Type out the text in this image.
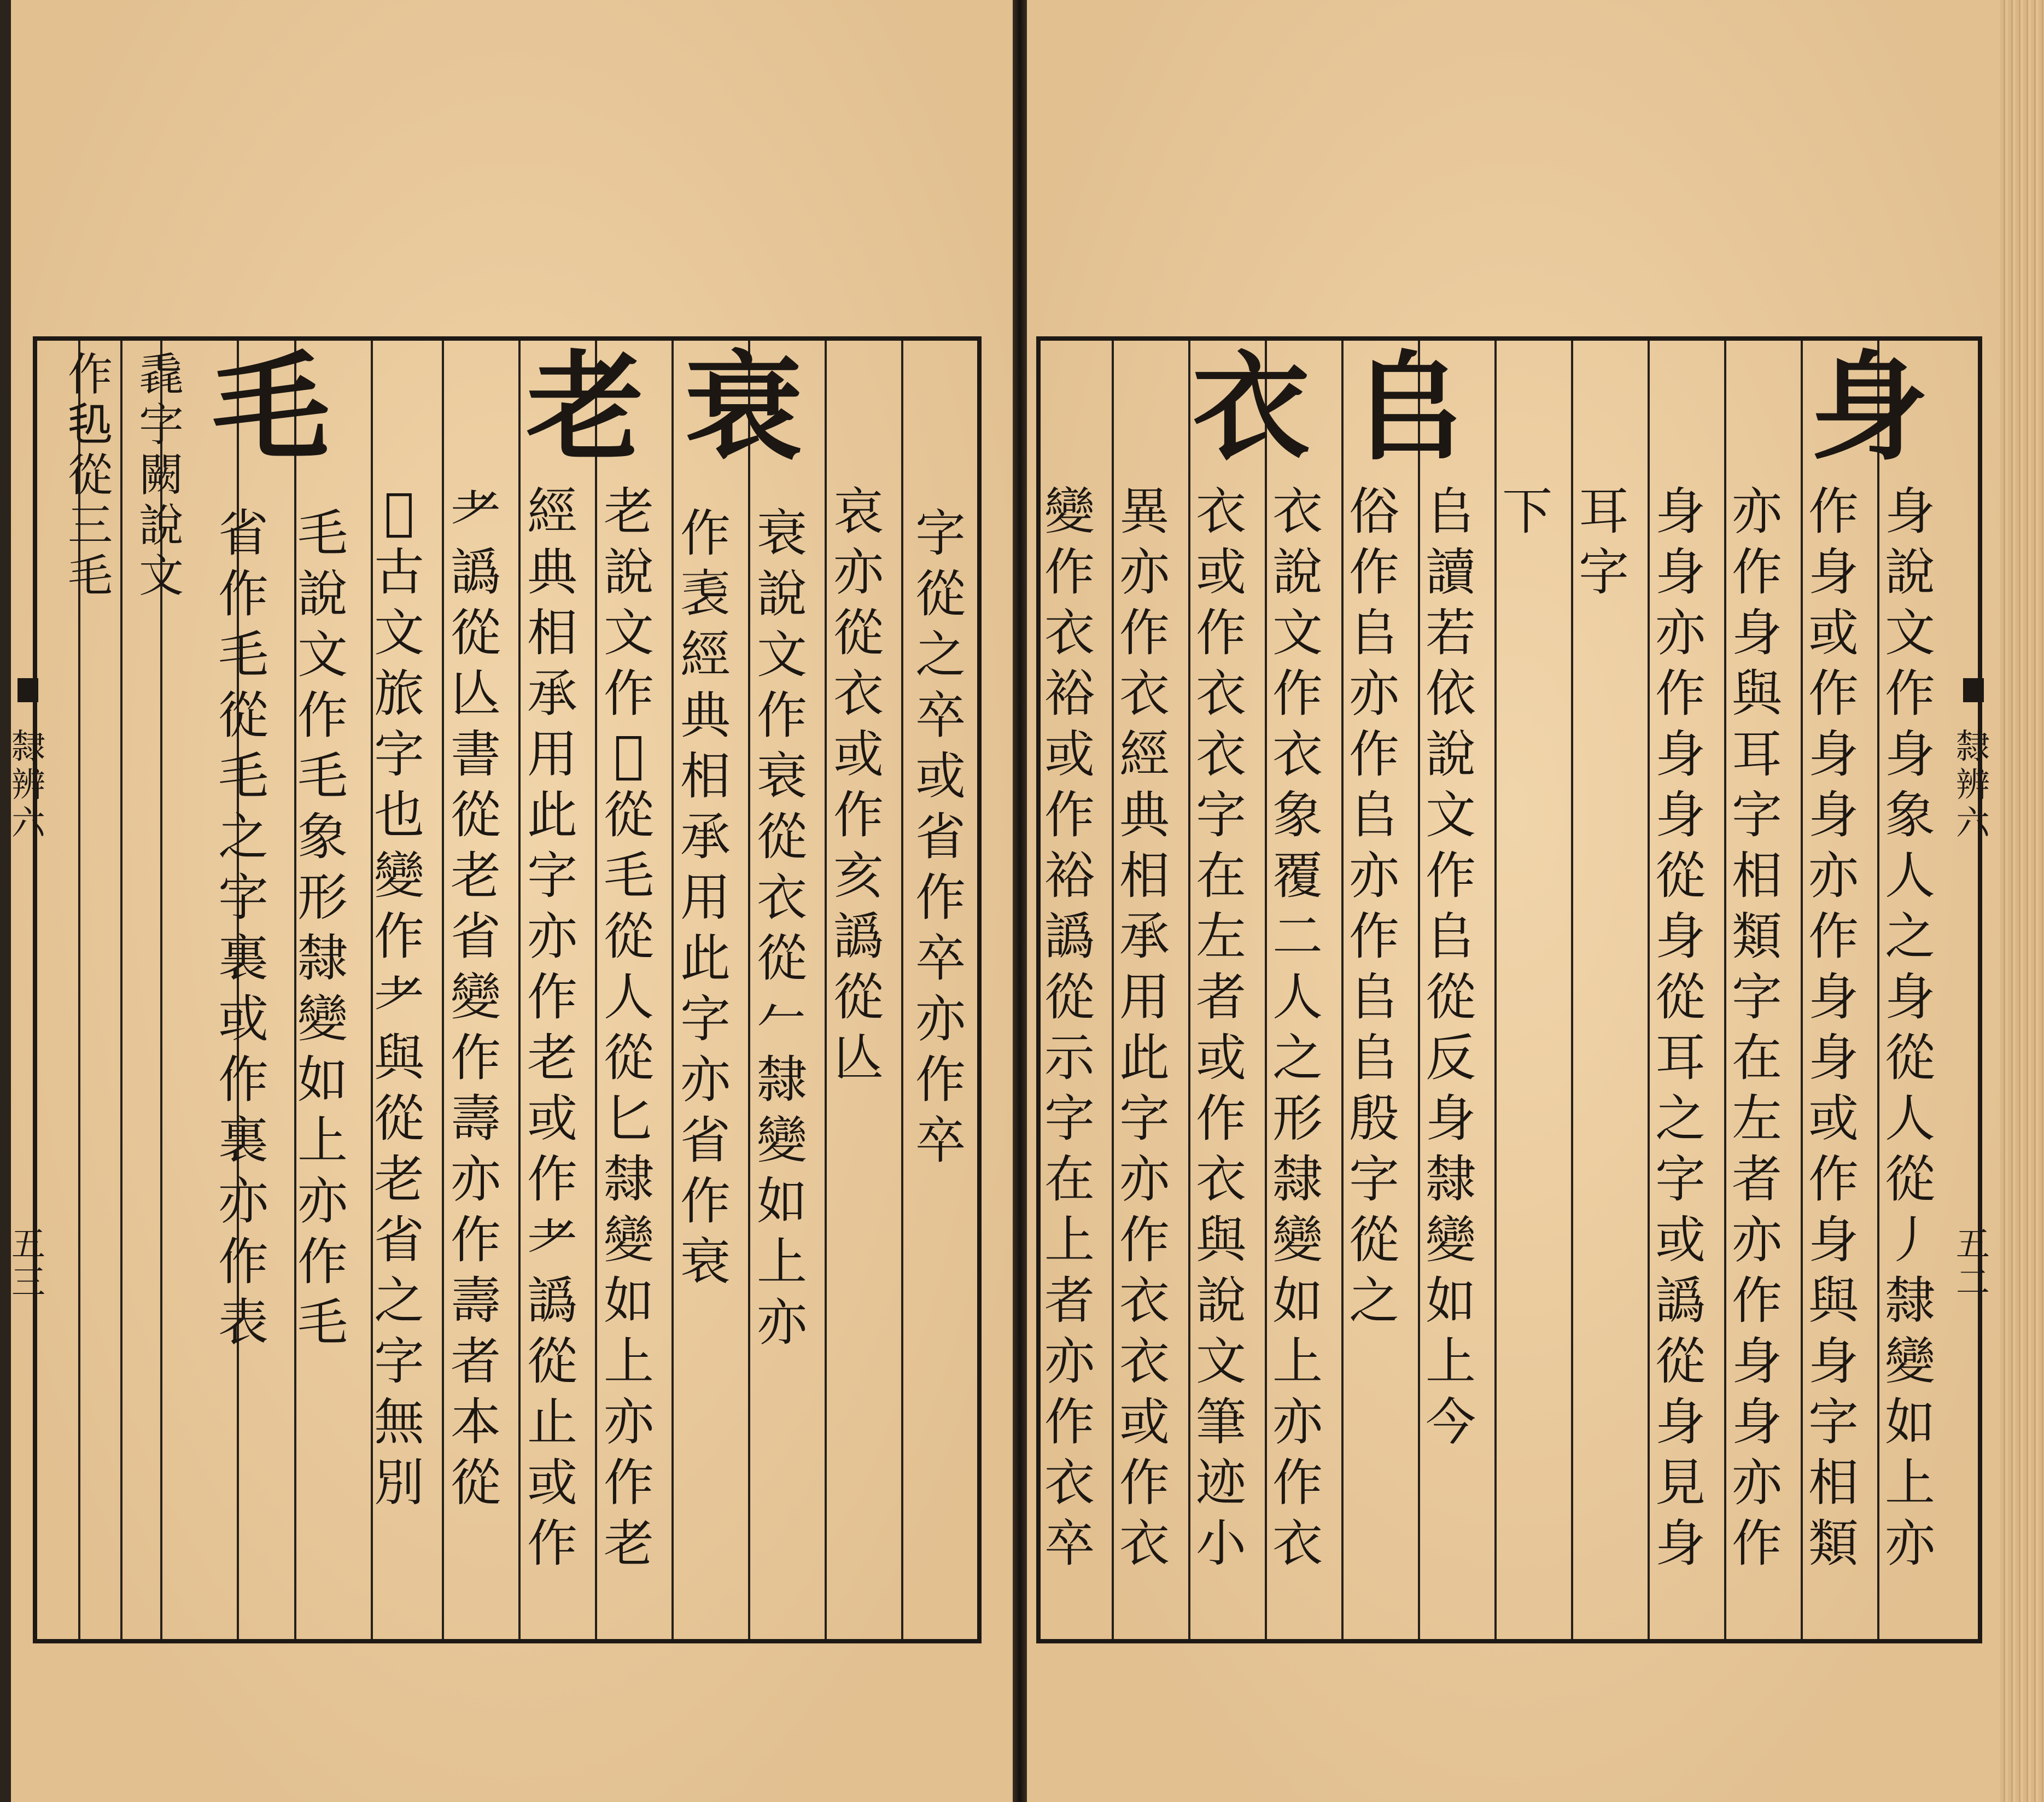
毛 老 衰
字
從
之
卒
或
省
作
卒
亦
作
卒
哀
亦
從
衣
或
作
亥
譌
從
亾
衰
說
文
作
衰
從
衣
從
𠂉
隸
變
如
上
亦
作
𧘝
經
典
相
承
用
此
字
亦
省
作
衰
老
說
文
作
𦒳
從
毛
從
人
從
匕
隸
變
如
上
亦
作
老
經
典
相
承
用
此
字
亦
作
老
或
作
耂
譌
從
止
或
作
耂
譌
從
亾
書
從
老
省
變
作
壽
亦
作
壽
者
本
從
𦒳
古
文
旅
字
也
變
作
耂
與
從
老
省
之
字
無
別
毛
說
文
作
毛
象
形
隸
變
如
上
亦
作
毛
省
作
毛
從
毛
之
字
裏
或
作
裏
亦
作
表
毳
字
闕
說
文
作
𣬠
從
三
毛
隸
辨
六
五
三
身
𠂤
衣
身
說
文
作
身
象
人
之
身
從
人
從
丿
隸
變
如
上
亦
作
身
或
作
身
身
亦
作
身
身
或
作
身
與
身
字
相
類
亦
作
身
與
耳
字
相
類
字
在
左
者
亦
作
身
身
亦
作
身
身
亦
作
身
身
從
身
從
耳
之
字
或
譌
從
身
見
身
耳
字
下
𠂤
讀
若
依
說
文
作
𠂤
從
反
身
隸
變
如
上
今
俗
作
𠂤
亦
作
𠂤
亦
作
𠂤
𠂤
殷
字
從
之
衣
說
文
作
衣
象
覆
二
人
之
形
隸
變
如
上
亦
作
衣
衣
或
作
衣
衣
字
在
左
者
或
作
衣
與
說
文
筆
迹
小
異
亦
作
衣
經
典
相
承
用
此
字
亦
作
衣
衣
或
作
衣
變
作
衣
裕
或
作
裕
譌
從
示
字
在
上
者
亦
作
衣
卒
隸
辨
六
五
二
